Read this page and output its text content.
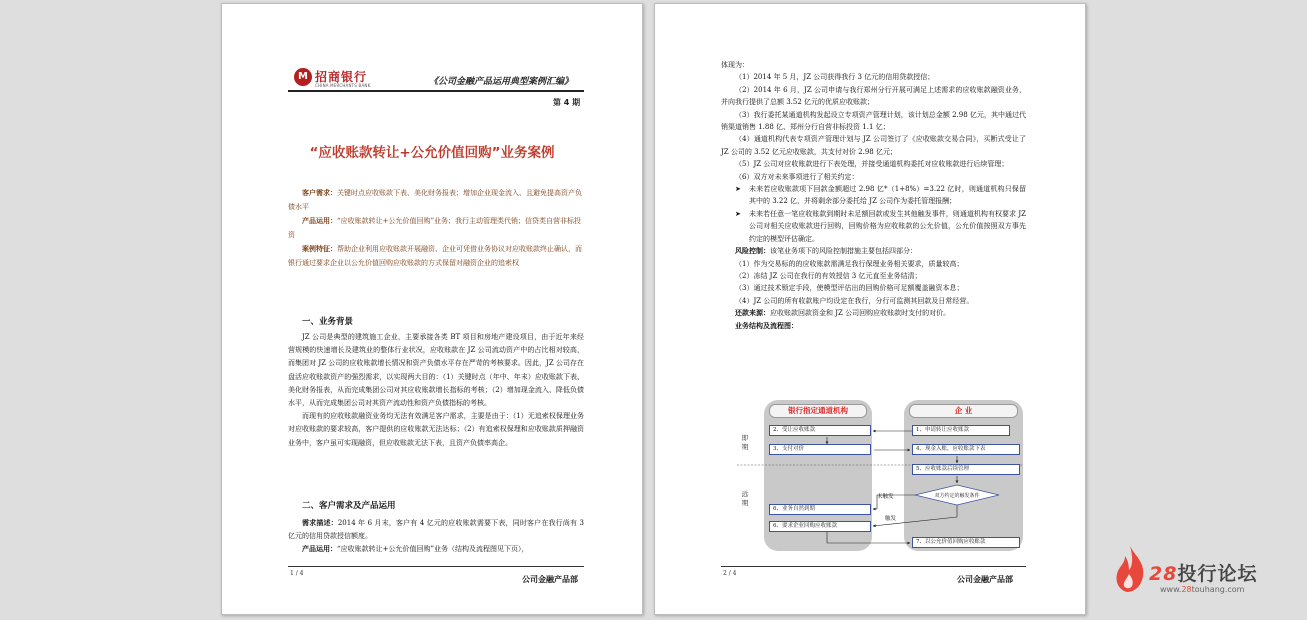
M 招商银行
CHINA MERCHANTS BANK	《公司金融产品运用典型案例汇编》
第 4 期
“应收账款转让+公允价值回购”业务案例
客户需求：关键时点应收账款下表、美化财务报表；增加企业现金流入、且避免提高资产负债水平
产品运用：“应收账款转让+公允价值回购”业务；我行主动管理类代销；信贷类自营非标投资
案例特征：帮助企业利用应收账款开展融资、企业可凭借业务协议对应收账款终止确认，而银行通过要求企业以公允价值回购应收账款的方式保留对融资企业的追索权
一、业务背景

JZ 公司是典型的建筑施工企业，主要承接各类 BT 项目和房地产建设项目，由于近年来经营规模的快速增长及建筑业的整体行业状况，应收账款在 JZ 公司流动资产中的占比相对较高，而集团对 JZ 公司的应收账款增长情况和资产负债水平存在严苛的考核要求。因此，JZ 公司存在盘活应收账款资产的强烈需求，以实现两大目的：（1）关键时点（年中、年末）应收账款下表、美化财务报表，从而完成集团公司对其应收账款增长指标的考核；（2）增加现金流入、降低负债水平，从而完成集团公司对其资产流动性和资产负债指标的考核。

而现有的应收账款融资业务均无法有效满足客户需求，主要是由于：（1）无追索权保理业务对应收账款的要求较高，客户提供的应收账款无法达标；（2）有追索权保理和应收账款质押融资业务中，客户虽可实现融资，但应收账款无法下表，且资产负债率高企。

二、客户需求及产品运用

需求描述：2014 年 6 月末，客户有 4 亿元的应收账款需要下表，同时客户在我行尚有 3 亿元的信用贷款授信额度。

产品运用：“应收账款转让+公允价值回购”业务（结构及流程图见下页），

1 / 4
公司金融产品部
体现为：
（1）2014 年 5 月，JZ 公司获得我行 3 亿元的信用贷款授信；
（2）2014 年 6 月，JZ 公司申请与我行郑州分行开展可满足上述需求的应收账款融资业务，并向我行提供了总额 3.52 亿元的优质应收账款；
（3）我行委托某通道机构发起设立专项资产管理计划，该计划总金额 2.98 亿元，其中通过代销渠道销售 1.88 亿、郑州分行自营非标投资 1.1 亿；
（4）通道机构代表专项资产管理计划与 JZ 公司签订了《应收账款交易合同》，买断式受让了 JZ 公司的 3.52 亿元应收账款，共支付对价 2.98 亿元；
（5）JZ 公司对应收账款进行下表处理，并接受通道机构委托对应收账款进行后续管理；
（6）双方对未来事项进行了相关约定：
➤ 未来若应收账款项下回款金额超过 2.98 亿*（1+8%）=3.22 亿时，则通道机构只保留其中的 3.22 亿，并将剩余部分委托给 JZ 公司作为委托管理报酬；
➤ 未来若任意一笔应收账款到期时未足额回款或发生其他触发事件，则通道机构有权要求 JZ 公司对相关应收账款进行回购，回购价格为应收账款的公允价值，公允价值按照双方事先约定的模型评估确定。
风险控制：该笔业务项下的风险控制措施主要包括四部分：
（1）作为交易标的的应收账款需满足我行保理业务相关要求，质量较高；
（2）冻结 JZ 公司在我行的有效授信 3 亿元直至业务结清；
（3）通过技术锁定手段，使模型评估出的回购价格可足额覆盖融资本息；
（4）JZ 公司的所有收款账户均设定在我行，分行可监测其回款及日常经营。
还款来源：应收账款回款资金和 JZ 公司回购应收账款时支付的对价。
业务结构及流程图：
银行指定通道机构	企 业
即期
远期
双方约定的触发条件
1、申请转让应收账款
2、受让应收账款
3、支付对价	4、现金入账，应收账款下表
5、应收账款后续管理
6、业务自然到期
6、要求企业回购应收账款
7、以公允价值回购应收账款
未触发
触发
2 / 4
公司金融产品部	28投行论坛
www.28touhang.com
